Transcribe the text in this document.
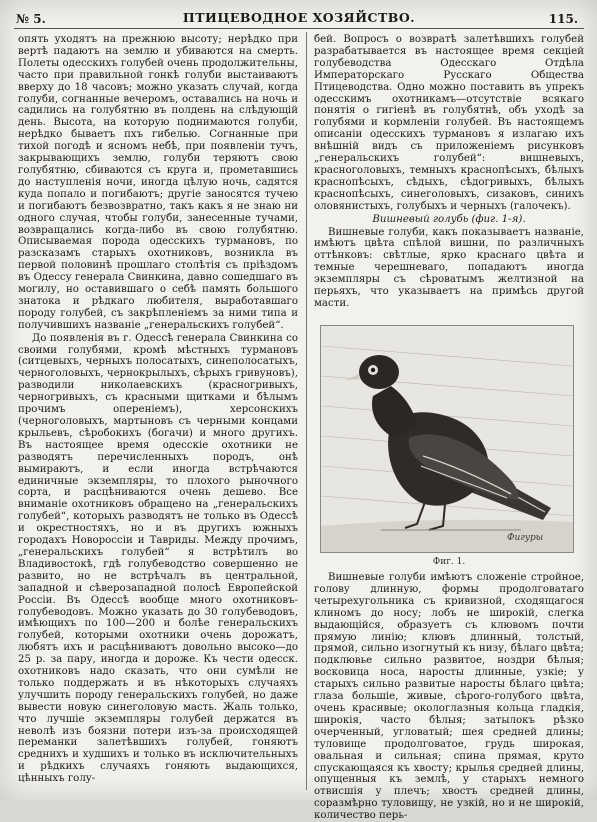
№ 5.	ПТИЦЕВОДНОЕ ХОЗЯЙСТВО.	115.

опять уходятъ на прежнюю высоту; нерѣдко при вертѣ падаютъ на землю и убиваются на смерть. Полеты одесскихъ голубей очень продолжительны, часто при правильной гонкѣ голуби выстаиваютъ вверху до 18 часовъ; можно указать случай, когда голуби, согнанные вечеромъ, оставались на ночь и садились на голубятню въ полдень на слѣдующій день. Высота, на которую поднимаются голуби, нерѣдко бываетъ пхъ гибелью. Согнанные при тихой погодѣ и ясномъ небѣ, при появленіи тучъ, закрывающихъ землю, голуби теряютъ свою голубятню, сбиваются съ круга и, прометавшись до наступленія ночи, иногда цѣлую ночь, садятся куда попало и погибаютъ; другіе заносятся тучею и погибаютъ безвозвратно, такъ какъ я не знаю ни одного случая, чтобы голуби, занесенные тучами, возвращались когда-либо въ свою голубятню. Описываемая порода одесскихъ турмановъ, по разсказамъ старыхъ охотниковъ, возникла въ первой половинѣ прошлаго столѣтія съ пріѣздомъ въ Одессу генерала Свинкина, давно сошедшаго въ могилу, но оставившаго о себѣ память большого знатока и рѣдкаго любителя, выработавшаго породу голубей, съ закрѣпленіемъ за ними типа и получившихъ названіе „генеральскихъ голубей“.

До появленія въ г. Одессѣ генерала Свинкина со своими голубями, кромѣ мѣстныхъ турмановъ (ситцевыхъ, черныхъ полосатыхъ, синеполосатыхъ, черноголовыхъ, чернокрылыхъ, сѣрыхъ гривуновъ), разводили николаевскихъ (красногривыхъ, черногривыхъ, съ красными щитками и бѣлымъ прочимъ опереніемъ), херсонскихъ (черноголовыхъ, мартыновъ съ черными концами крыльевъ, сѣробокихъ (богачи) и много другихъ. Въ настоящее время одесскіе охотники не разводятъ перечисленныхъ породъ, онѣ вымираютъ, и если иногда встрѣчаются единичные экземпляры, то плохого рыночного сорта, и расцѣниваются очень дешево. Все вниманіе охотниковъ обращено на „генеральскихъ голубей“, которыхъ разводятъ не только въ Одессѣ и окрестностяхъ, но и въ другихъ южныхъ городахъ Новороссіи и Тавриды. Между прочимъ, „генеральскихъ голубей“ я встрѣтилъ во Владивостокѣ, гдѣ голубеводство совершенно не развито, но не встрѣчалъ въ центральной, западной и сѣверозападной полосѣ Европейской Россіи. Въ Одессѣ вообще много охотниковъ-голубеводовъ. Можно указать до 30 голубеводовъ, имѣющихъ по 100—200 и болѣе генеральскихъ голубей, которыми охотники очень дорожатъ, любятъ ихъ и расцѣниваютъ довольно высоко—до 25 р. за пару, иногда и дороже. Къ чести одесск. охотниковъ надо сказать, что они сумѣли не только поддержать и въ нѣкоторыхъ случаяхъ улучшить породу генеральскихъ голубей, но даже вывести новую синеголовую масть. Жаль только, что лучшіе экземпляры голубей держатся въ неволѣ изъ боязни потери изъ-за происходящей переманки залетѣвшихъ голубей, гоняютъ среднихъ и худшихъ и только въ исключительныхъ и рѣдкихъ случаяхъ гоняють выдающихся, цѣнныхъ голу-

бей. Вопросъ о возвратѣ залетѣвшихъ голубей разрабатывается въ настоящее время секціей голубеводства Одесскаго Отдѣла Императорскаго Русскаго Общества Птицеводства. Одно можно поставить въ упрекъ одесскимъ охотникамъ—отсутствіе всякаго понятія о гигіенѣ въ голубятнѣ, объ уходѣ за голубями и кормленіи голубей. Въ настоящемъ описаніи одесскихъ турмановъ я излагаю ихъ внѣшній видъ съ приложеніемъ рисунковъ „генеральскихъ голубей“: вишневыхъ, красноголовыхъ, темныхъ краснопѣсыхъ, бѣлыхъ краснопѣсыхъ, сѣдыхъ, сѣдогривыхъ, бѣлыхъ краснопѣсыхъ, синеголовыхъ, сизаковъ, синихъ оловянистыхъ, голубыхъ и черныхъ (галочекъ).

Вишневый голубь (фиг. 1-я).

Вишневые голуби, какъ показываетъ названіе, имѣютъ цвѣта спѣлой вишни, по различныхъ оттѣнковъ: свѣтлые, ярко краснаго цвѣта и темные черешневаго, попадаютъ иногда экземпляры съ сѣроватымъ желтизной на перьяхъ, что указываетъ на примѣсь другой масти.

Фигуры
Фиг. 1.

Вишневые голуби имѣютъ сложеніе стройное, голову длинную, формы продолговатаго четырехугольника съ кривизной, сходящагося клиномъ до носу; лобъ не широкій, слегка выдающійся, образуетъ съ клювомъ почти прямую линію; клювъ длинный, толстый, прямой, сильно изогнутый къ низу, бѣлаго цвѣта; подклювье сильно развитое, ноздри бѣлыя; восковица носа, наросты длинные, узкіе; у старыхъ сильно развитые наросты бѣлаго цвѣта; глаза большіе, живые, сѣрого-голубого цвѣта, очень красивые; окологлазныя кольца гладкія, широкія, часто бѣлыя; затылокъ рѣзко очерченный, угловатый; шея средней длины; туловище продолговатое, грудь широкая, овальная и сильная; спина прямая, круто спускающаяся къ хвосту; крылья средней длины, опущенныя къ землѣ, у старыхъ немного отвисшія у плечъ; хвостъ средней длины, соразмѣрно туловищу, не узкій, но и не широкій, количество перь-
